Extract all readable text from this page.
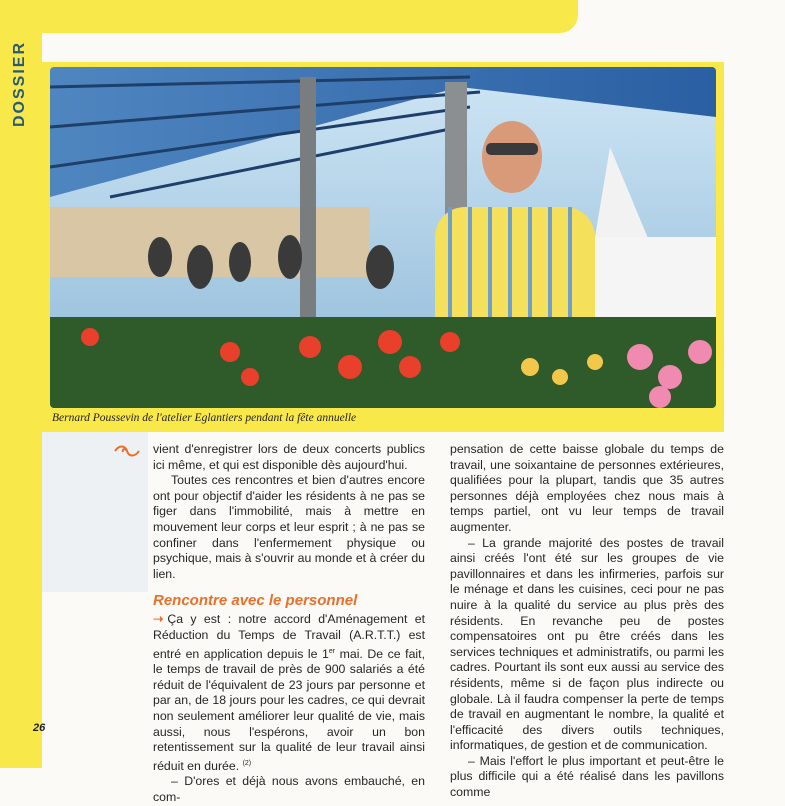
DOSSIER
Bernard Poussevin de l'atelier Eglantiers pendant la fête annuelle

vient d'enregistrer lors de deux concerts publics ici même, et qui est disponible dès aujourd'hui.

Toutes ces rencontres et bien d'autres encore ont pour objectif d'aider les résidents à ne pas se figer dans l'immobilité, mais à mettre en mouvement leur corps et leur esprit ; à ne pas se confiner dans l'enfermement physique ou psychique, mais à s'ouvrir au monde et à créer du lien.

Rencontre avec le personnel

➝ Ça y est : notre accord d'Aménagement et Réduction du Temps de Travail (A.R.T.T.) est entré en application depuis le 1er mai. De ce fait, le temps de travail de près de 900 salariés a été réduit de l'équivalent de 23 jours par personne et par an, de 18 jours pour les cadres, ce qui devrait non seulement améliorer leur qualité de vie, mais aussi, nous l'espérons, avoir un bon retentissement sur la qualité de leur travail ainsi réduit en durée. $^{(2)}$

– D'ores et déjà nous avons embauché, en com-

pensation de cette baisse globale du temps de travail, une soixantaine de personnes extérieures, qualifiées pour la plupart, tandis que 35 autres personnes déjà employées chez nous mais à temps partiel, ont vu leur temps de travail augmenter.

– La grande majorité des postes de travail ainsi créés l'ont été sur les groupes de vie pavillonnaires et dans les infirmeries, parfois sur le ménage et dans les cuisines, ceci pour ne pas nuire à la qualité du service au plus près des résidents. En revanche peu de postes compensatoires ont pu être créés dans les services techniques et administratifs, ou parmi les cadres. Pourtant ils sont eux aussi au service des résidents, même si de façon plus indirecte ou globale. Là il faudra compenser la perte de temps de travail en augmentant le nombre, la qualité et l'efficacité des divers outils techniques, informatiques, de gestion et de communication.

– Mais l'effort le plus important et peut-être le plus difficile qui a été réalisé dans les pavillons comme

26
